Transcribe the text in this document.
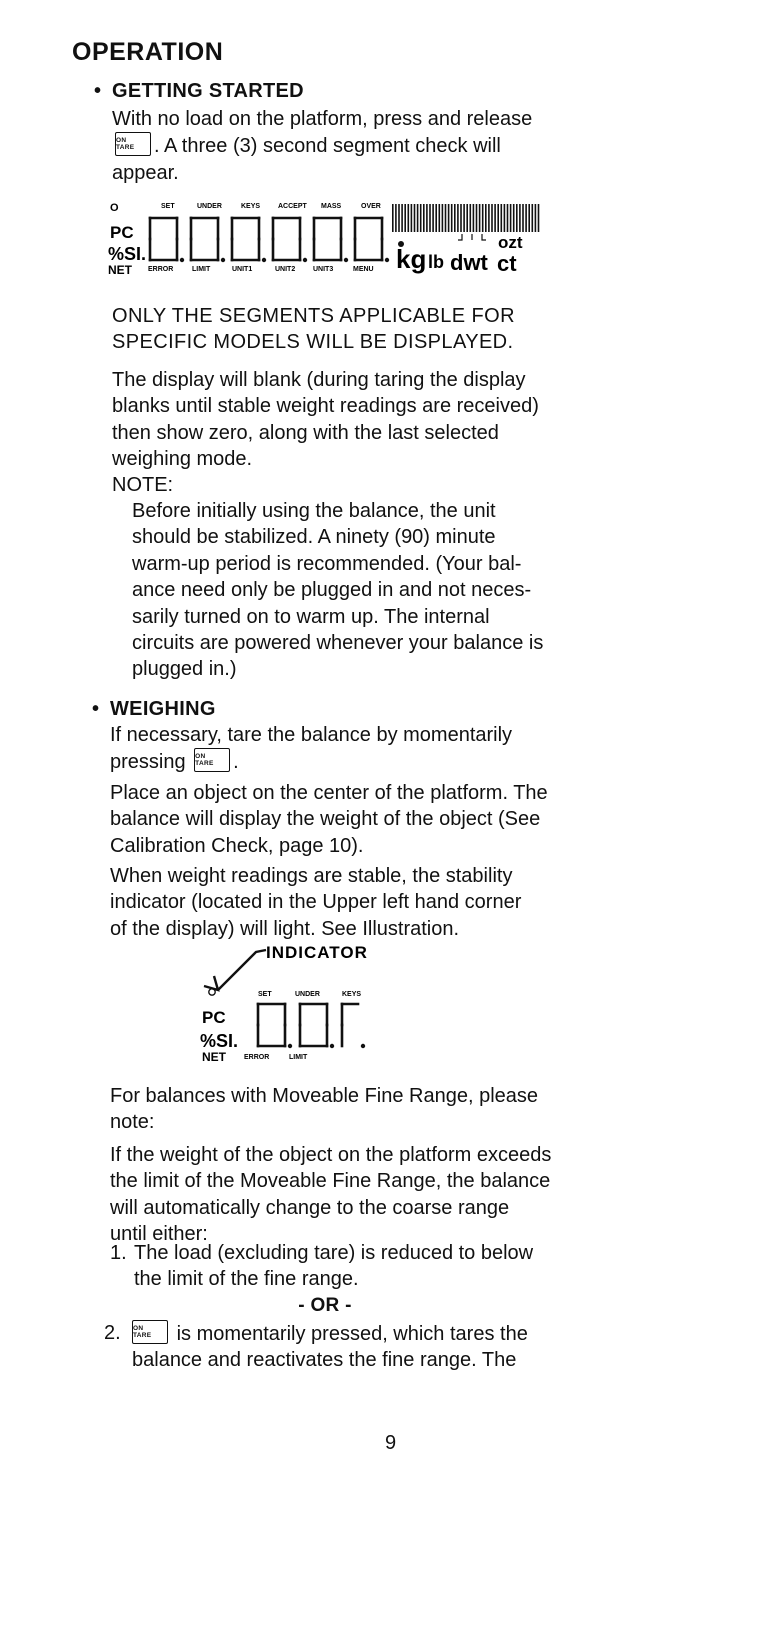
OPERATION
• GETTING STARTED
With no load on the platform, press and release
ON
TARE . A three (3) second segment check will
appear.
O
PC
%SI.
NET
SET	UNDER	KEYS	ACCEPT MASS	OVER
ERROR	LIMIT	UNIT1	UNIT2	UNIT3	MENU kg lb dwt
ozt
ct
ONLY THE SEGMENTS APPLICABLE FOR
SPECIFIC MODELS WILL BE DISPLAYED.
The display will blank (during taring the display
blanks until stable weight readings are received)
then show zero, along with the last selected
weighing mode.
NOTE:
Before initially using the balance, the unit
should be stabilized. A ninety (90) minute
warm-up period is recommended. (Your bal-
ance need only be plugged in and not neces-
sarily turned on to warm up. The internal
circuits are powered whenever your balance is
plugged in.)
• WEIGHING
If necessary, tare the balance by momentarily
pressing ON
TARE .
Place an object on the center of the platform. The
balance will display the weight of the object (See
Calibration Check, page 10).
When weight readings are stable, the stability
indicator (located in the Upper left hand corner
of the display) will light. See Illustration.
INDICATOR
SET	UNDER	KEYS
ERROR	LIMIT
PC
%SI.
NET
For balances with Moveable Fine Range, please
note:
If the weight of the object on the platform exceeds
the limit of the Moveable Fine Range, the balance
will automatically change to the coarse range
until either:
1. The load (excluding tare) is reduced to below
the limit of the fine range.
- OR -
2. ON
TARE	is momentarily pressed, which tares the
balance and reactivates the fine range. The
9
